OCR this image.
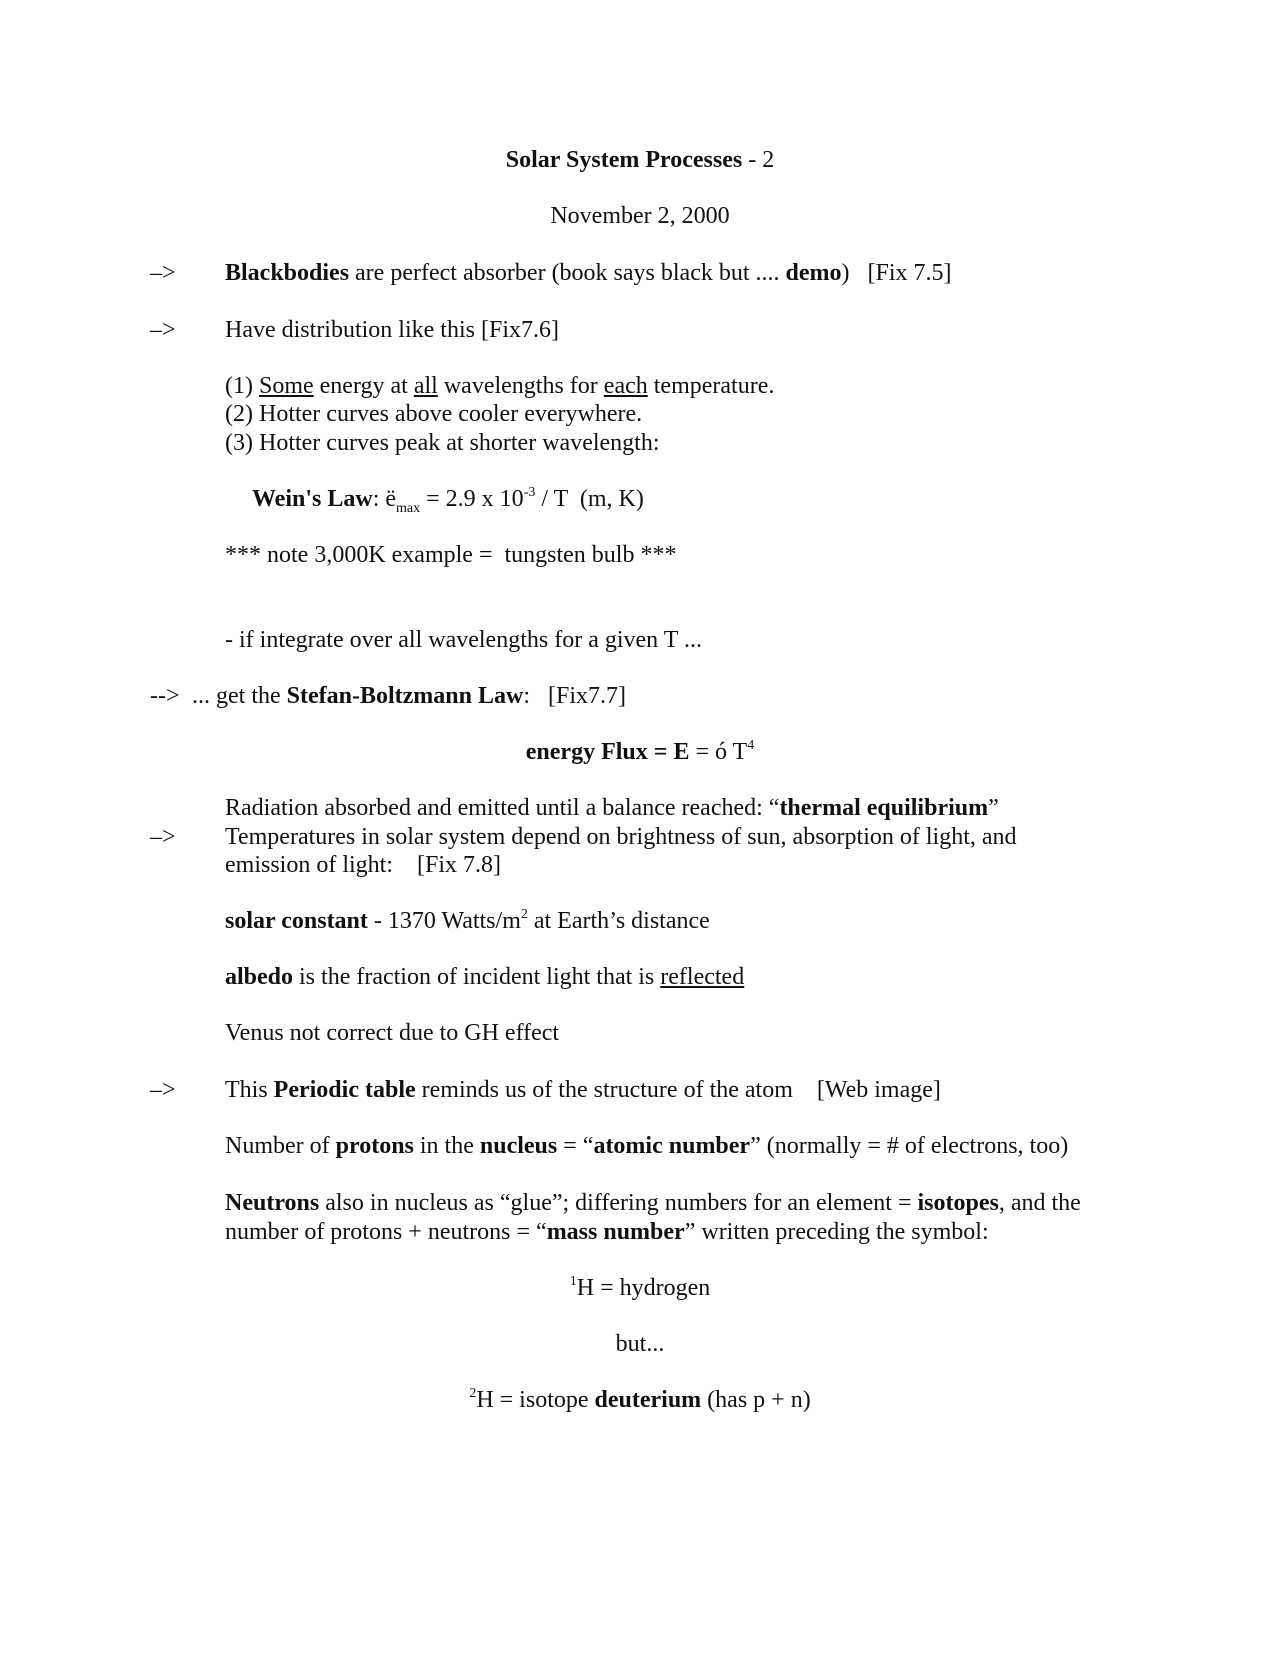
Solar System Processes - 2
November 2, 2000
–> Blackbodies are perfect absorber (book says black but .... demo)   [Fix 7.5]
–> Have distribution like this [Fix7.6]
(1) Some energy at all wavelengths for each temperature.
(2) Hotter curves above cooler everywhere.
(3) Hotter curves peak at shorter wavelength:
Wein's Law: $ë_{max} = 2.9$ x $10^{-3}$ / T  (m, K)
*** note 3,000K example =  tungsten bulb ***
- if integrate over all wavelengths for a given T ...
--> ... get the Stefan-Boltzmann Law:   [Fix7.7]
energy Flux = E = ó $T^4$
Radiation absorbed and emitted until a balance reached: “thermal equilibrium”
–> Temperatures in solar system depend on brightness of sun, absorption of light, and
emission of light:    [Fix 7.8]
solar constant - 1370 Watts/$m^2$ at Earth’s distance
albedo is the fraction of incident light that is reflected
Venus not correct due to GH effect
–> This Periodic table reminds us of the structure of the atom    [Web image]
Number of protons in the nucleus = “atomic number” (normally = # of electrons, too)
Neutrons also in nucleus as “glue”; differing numbers for an element = isotopes, and the
number of protons + neutrons = “mass number” written preceding the symbol:
$^1$H = hydrogen
but...
$^2$H = isotope deuterium (has p + n)
